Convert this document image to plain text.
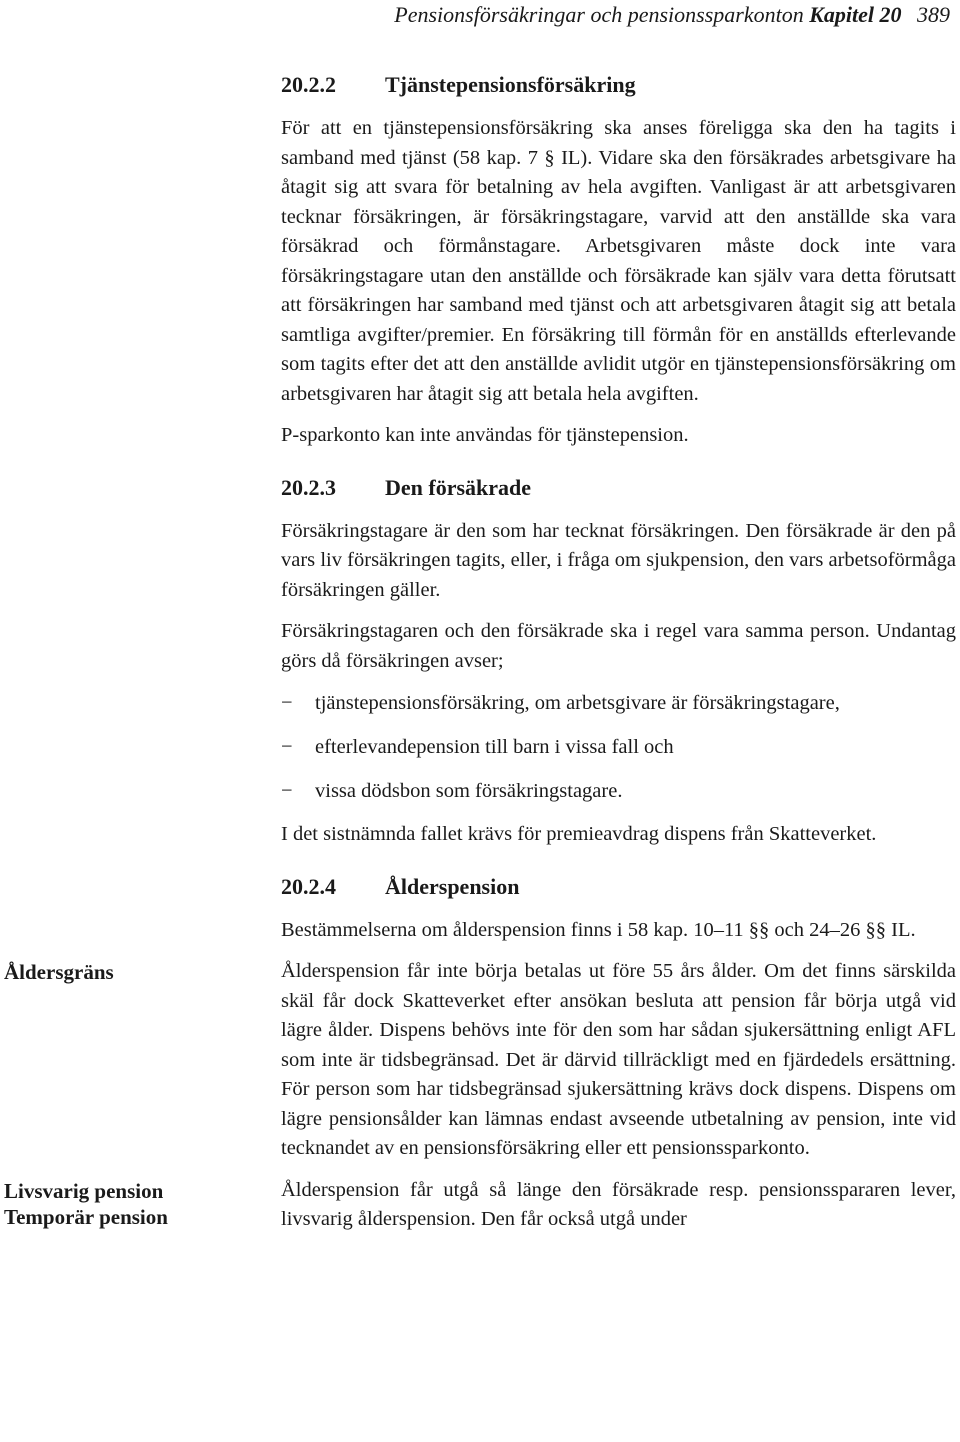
Pensionsförsäkringar och pensionssparkonton Kapitel 20 389
20.2.2 Tjänstepensionsförsäkring

För att en tjänstepensionsförsäkring ska anses föreligga ska den ha tagits i samband med tjänst (58 kap. 7 § IL). Vidare ska den försäkrades arbetsgivare ha åtagit sig att svara för betalning av hela avgiften. Vanligast är att arbetsgivaren tecknar försäkringen, är försäkringstagare, varvid att den anställde ska vara försäkrad och förmånstagare. Arbetsgivaren måste dock inte vara försäkringstagare utan den anställde och försäkrade kan själv vara detta förutsatt att försäkringen har samband med tjänst och att arbetsgivaren åtagit sig att betala samtliga avgifter/premier. En försäkring till förmån för en anställds efterlevande som tagits efter det att den anställde avlidit utgör en tjänstepensionsförsäkring om arbetsgivaren har åtagit sig att betala hela avgiften.

P-sparkonto kan inte användas för tjänstepension.

20.2.3 Den försäkrade

Försäkringstagare är den som har tecknat försäkringen. Den försäkrade är den på vars liv försäkringen tagits, eller, i fråga om sjukpension, den vars arbetsoförmåga försäkringen gäller.

Försäkringstagaren och den försäkrade ska i regel vara samma person. Undantag görs då försäkringen avser;

− tjänstepensionsförsäkring, om arbetsgivare är försäkringstagare,
− efterlevandepension till barn i vissa fall och
− vissa dödsbon som försäkringstagare.

I det sistnämnda fallet krävs för premieavdrag dispens från Skatteverket.

20.2.4 Ålderspension

Bestämmelserna om ålderspension finns i 58 kap. 10–11 §§ och 24–26 §§ IL.

Ålderspension får inte börja betalas ut före 55 års ålder. Om det finns särskilda skäl får dock Skatteverket efter ansökan besluta att pension får börja utgå vid lägre ålder. Dispens behövs inte för den som har sådan sjukersättning enligt AFL som inte är tidsbegränsad. Det är därvid tillräckligt med en fjärdedels ersättning. För person som har tidsbegränsad sjukersättning krävs dock dispens. Dispens om lägre pensionsålder kan lämnas endast avseende utbetalning av pension, inte vid tecknandet av en pensionsförsäkring eller ett pensionssparkonto.

Ålderspension får utgå så länge den försäkrade resp. pensionsspararen lever, livsvarig ålderspension. Den får också utgå under

Åldersgräns
Livsvarig pension
Temporär pension
